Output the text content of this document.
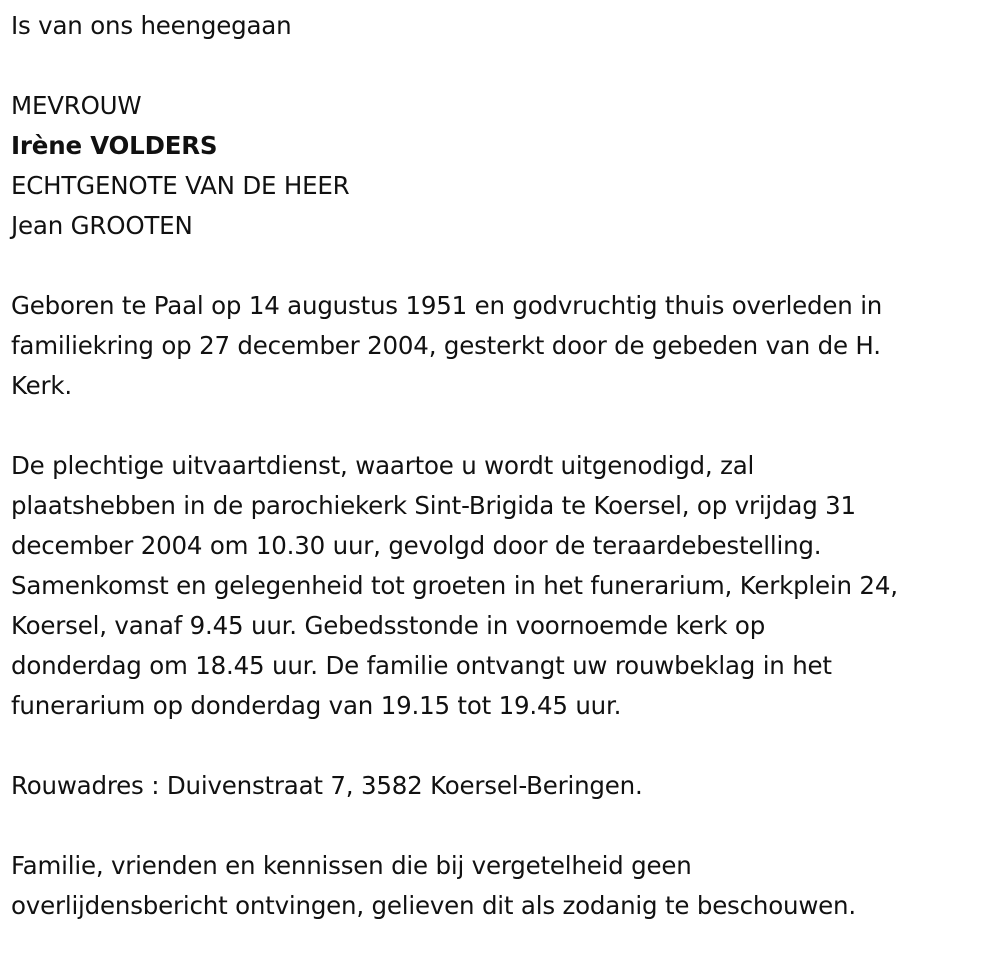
Is van ons heengegaan

MEVROUW

Irène VOLDERS

ECHTGENOTE VAN DE HEER

Jean GROOTEN

Geboren te Paal op 14 augustus 1951 en godvruchtig thuis overleden in

familiekring op 27 december 2004, gesterkt door de gebeden van de H.

Kerk.

De plechtige uitvaartdienst, waartoe u wordt uitgenodigd, zal

plaatshebben in de parochiekerk Sint-Brigida te Koersel, op vrijdag 31

december 2004 om 10.30 uur, gevolgd door de teraardebestelling.

Samenkomst en gelegenheid tot groeten in het funerarium, Kerkplein 24,

Koersel, vanaf 9.45 uur. Gebedsstonde in voornoemde kerk op

donderdag om 18.45 uur. De familie ontvangt uw rouwbeklag in het

funerarium op donderdag van 19.15 tot 19.45 uur.

Rouwadres : Duivenstraat 7, 3582 Koersel-Beringen.

Familie, vrienden en kennissen die bij vergetelheid geen

overlijdensbericht ontvingen, gelieven dit als zodanig te beschouwen.
